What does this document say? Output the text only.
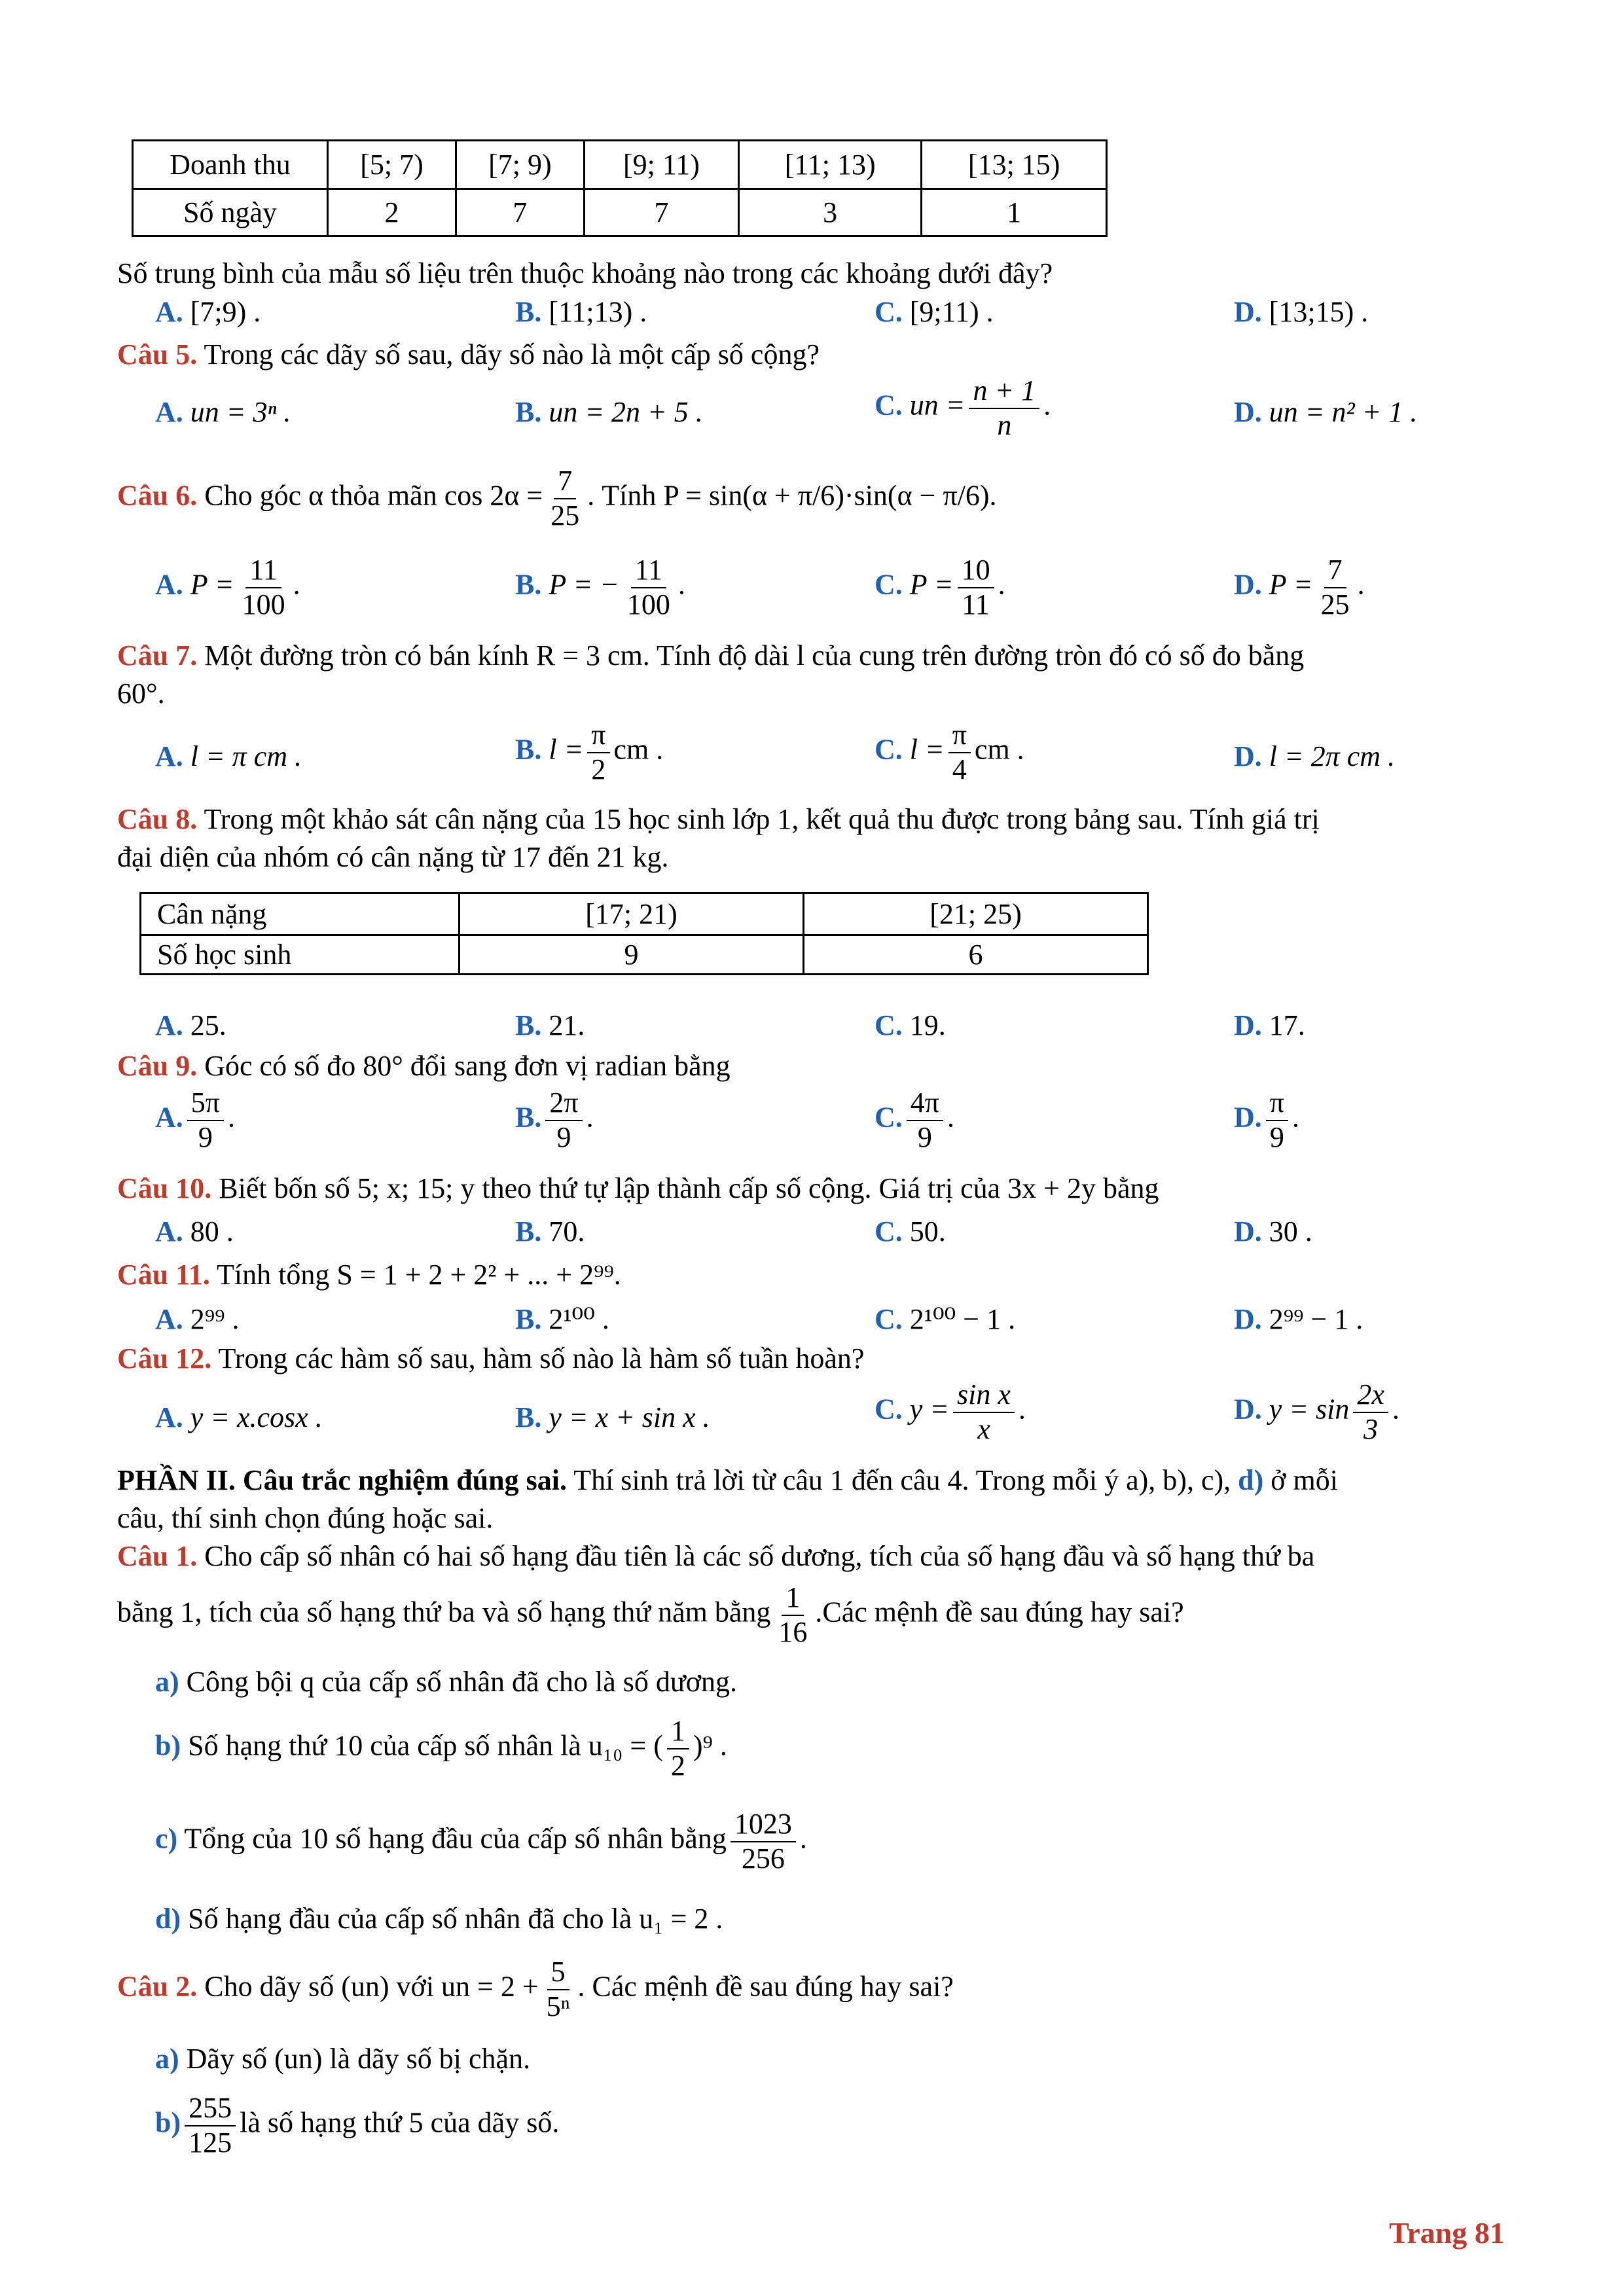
Doanh thu	[5; 7)	[7; 9)	[9; 11)	[11; 13)	[13; 15)
Số ngày	2	7	7	3	1
Số trung bình của mẫu số liệu trên thuộc khoảng nào trong các khoảng dưới đây?
A. [7;9) .	B. [11;13) .	C. [9;11) .	D. [13;15) .
Câu 5. Trong các dãy số sau, dãy số nào là một cấp số cộng?
A. un = 3ⁿ .	B. un = 2n + 5 .	C. un = $\frac{n + 1}{n}$ .	D. un = n² + 1 .
Câu 6. Cho góc α thỏa mãn $\cos 2\alpha = \frac{7}{25}$ . Tính P = sin(α + π/6)·sin(α − π/6).
A. $P = \frac{11}{100}$ .	B. P = − $\frac{11}{100}$ .	C. $P = \frac{10}{11}$ .	D. $P = \frac{7}{25}$ .
Câu 7. Một đường tròn có bán kính R = 3 cm. Tính độ dài l của cung trên đường tròn đó có số đo bằng
60°.
A. l = π cm .	B. $l = \frac{\pi}{2}$ cm .	C. $l = \frac{\pi}{4}$ cm .	D. l = 2π cm .
Câu 8. Trong một khảo sát cân nặng của 15 học sinh lớp 1, kết quả thu được trong bảng sau. Tính giá trị
đại diện của nhóm có cân nặng từ 17 đến 21 kg.
Cân nặng	[17; 21)	[21; 25)
Số học sinh	9	6
A. 25.	B. 21.	C. 19.	D. 17.
Câu 9. Góc có số đo 80° đổi sang đơn vị radian bằng
A. $\frac{5\pi}{9}$ .	B. $\frac{2\pi}{9}$ .	C. $\frac{4\pi}{9}$ .	D. $\frac{\pi}{9}$ .
Câu 10. Biết bốn số 5; x; 15; y theo thứ tự lập thành cấp số cộng. Giá trị của 3x + 2y bằng
A. 80 .	B. 70.	C. 50.	D. 30 .
Câu 11. Tính tổng S = 1 + 2 + 2² + ... + 2⁹⁹.
A. 2⁹⁹ .	B. 2¹⁰⁰ .	C. 2¹⁰⁰ − 1 .	D. 2⁹⁹ − 1 .
Câu 12. Trong các hàm số sau, hàm số nào là hàm số tuần hoàn?
A. y = x.cosx .	B. y = x + sin x .	C. $y = \frac{\text{sin x}}{x}$ .	D. $y = \sin \frac{2x}{3}$ .
PHẦN II. Câu trắc nghiệm đúng sai. Thí sinh trả lời từ câu 1 đến câu 4. Trong mỗi ý a), b), c), d) ở mỗi
câu, thí sinh chọn đúng hoặc sai.
Câu 1. Cho cấp số nhân có hai số hạng đầu tiên là các số dương, tích của số hạng đầu và số hạng thứ ba
bằng 1, tích của số hạng thứ ba và số hạng thứ năm bằng $\frac{1}{16}$ .Các mệnh đề sau đúng hay sai?
a) Công bội q của cấp số nhân đã cho là số dương.
b) Số hạng thứ 10 của cấp số nhân là u₁₀ = ( $\frac{1}{2} )^9$ .
c) Tổng của 10 số hạng đầu của cấp số nhân bằng $\frac{1023}{256}$ .
d) Số hạng đầu của cấp số nhân đã cho là u₁ = 2 .
Câu 2. Cho dãy số (un) với un = $2 + \frac{5}{\text{5ⁿ}}$ . Các mệnh đề sau đúng hay sai?
a) Dãy số (un) là dãy số bị chặn.
$b) \frac{255}{125}$ là số hạng thứ 5 của dãy số.
Trang 81
